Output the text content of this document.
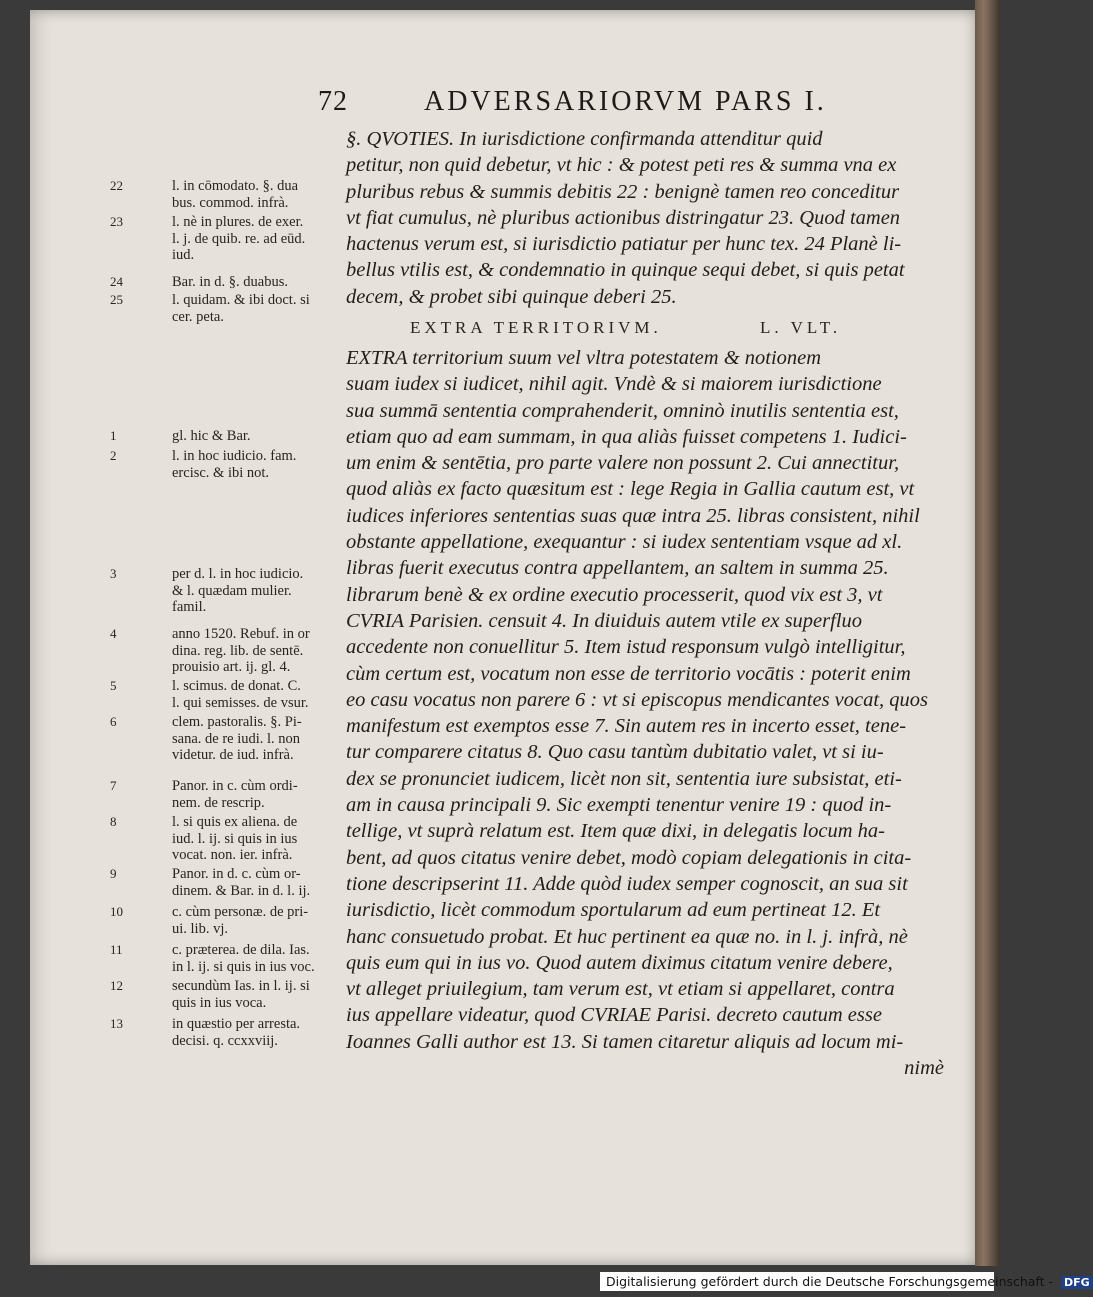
72	ADVERSARIORVM PARS I.
§. QVOTIES. In iurisdictione confirmanda attenditur quid
petitur, non quid debetur, vt hic : & potest peti res & summa vna ex
pluribus rebus & summis debitis 22 : benignè tamen reo conceditur
vt fiat cumulus, nè pluribus actionibus distringatur 23. Quod tamen
hactenus verum est, si iurisdictio patiatur per hunc tex. 24 Planè li-
bellus vtilis est, & condemnatio in quinque sequi debet, si quis petat
decem, & probet sibi quinque deberi 25.
EXTRA TERRITORIVM.	L. VLT.
EXTRA territorium suum vel vltra potestatem & notionem
suam iudex si iudicet, nihil agit. Vndè & si maiorem iurisdictione
sua summā sententia comprahenderit, omninò inutilis sententia est,
etiam quo ad eam summam, in qua aliàs fuisset competens 1. Iudici-
um enim & sentētia, pro parte valere non possunt 2. Cui annectitur,
quod aliàs ex facto quæsitum est : lege Regia in Gallia cautum est, vt
iudices inferiores sententias suas quæ intra 25. libras consistent, nihil
obstante appellatione, exequantur : si iudex sententiam vsque ad xl.
libras fuerit executus contra appellantem, an saltem in summa 25.
librarum benè & ex ordine executio processerit, quod vix est 3, vt
CVRIA Parisien. censuit 4. In diuiduis autem vtile ex superfluo
accedente non conuellitur 5. Item istud responsum vulgò intelligitur,
cùm certum est, vocatum non esse de territorio vocātis : poterit enim
eo casu vocatus non parere 6 : vt si episcopus mendicantes vocat, quos
manifestum est exemptos esse 7. Sin autem res in incerto esset, tene-
tur comparere citatus 8. Quo casu tantùm dubitatio valet, vt si iu-
dex se pronunciet iudicem, licèt non sit, sententia iure subsistat, eti-
am in causa principali 9. Sic exempti tenentur venire 19 : quod in-
tellige, vt suprà relatum est. Item quæ dixi, in delegatis locum ha-
bent, ad quos citatus venire debet, modò copiam delegationis in cita-
tione descripserint 11. Adde quòd iudex semper cognoscit, an sua sit
iurisdictio, licèt commodum sportularum ad eum pertineat 12. Et
hanc consuetudo probat. Et huc pertinent ea quæ no. in l. j. infrà, nè
quis eum qui in ius vo. Quod autem diximus citatum venire debere,
vt alleget priuilegium, tam verum est, vt etiam si appellaret, contra
ius appellare videatur, quod CVRIAE Parisi. decreto cautum esse
Ioannes Galli author est 13. Si tamen citaretur aliquis ad locum mi-
nimè
22	l. in cōmodato. §. dua
bus. commod. infrà.
23	l. nè in plures. de exer.
l. j. de quib. re. ad eūd.
iud.
24	Bar. in d. §. duabus.
25	l. quidam. & ibi doct. si
cer. peta.
1	gl. hic & Bar.
2	l. in hoc iudicio. fam.
ercisc. & ibi not.
3	per d. l. in hoc iudicio.
& l. quædam mulier.
famil.
4	anno 1520. Rebuf. in or
dina. reg. lib. de sentē.
prouisio art. ij. gl. 4.
5	l. scimus. de donat. C.
l. qui semisses. de vsur.
6	clem. pastoralis. §. Pi-
sana. de re iudi. l. non
videtur. de iud. infrà.
7	Panor. in c. cùm ordi-
nem. de rescrip.
8	l. si quis ex aliena. de
iud. l. ij. si quis in ius
vocat. non. ier. infrà.
9	Panor. in d. c. cùm or-
dinem. & Bar. in d. l. ij.
10	c. cùm personæ. de pri-
ui. lib. vj.
11	c. præterea. de dila. Ias.
in l. ij. si quis in ius voc.
12	secundùm Ias. in l. ij. si
quis in ius voca.
13	in quæstio per arresta.
decisi. q. ccxxviij.
Digitalisierung gefördert durch die Deutsche Forschungsgemeinschaft - DFG
